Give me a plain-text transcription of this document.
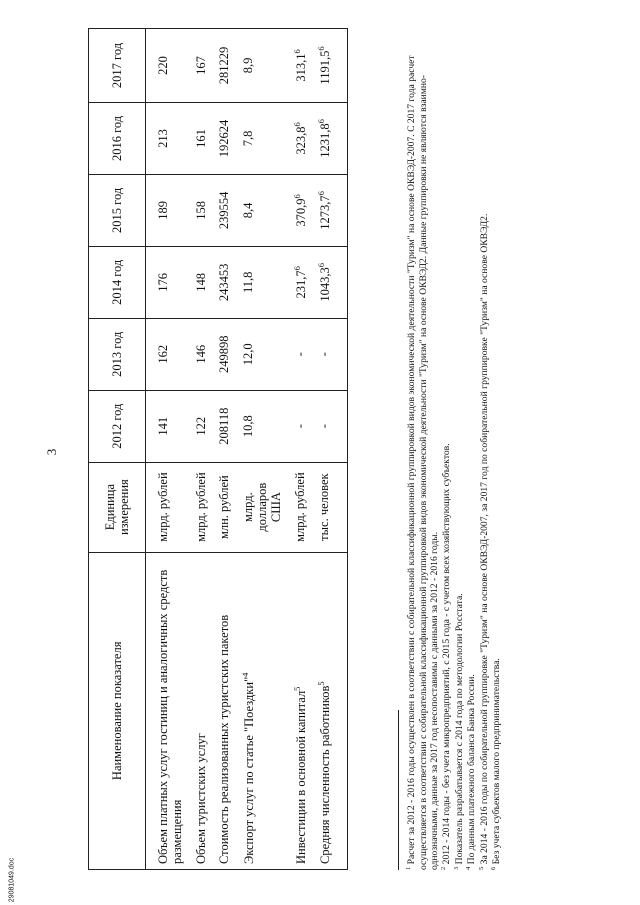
3
29081049.doc
Наименование показателя	Единица измерения	2012 год	2013 год	2014 год	2015 год	2016 год	2017 год
Объем платных услуг гостиниц и аналогичных средств размещения	млрд. рублей	141	162	176	189	213	220
Объем туристских услуг	млрд. рублей	122	146	148	158	161	167
Стоимость реализованных туристских пакетов	млн. рублей	208118	249898	243453	239554	192624	281229
Экспорт услуг по статье "Поездки"$^4$	млрд. долларов США	10,8	12,0	11,8	8,4	7,8	8,9
Инвестиции в основной капитал$^5$	млрд. рублей	-	-	231,7$^6$	370,9$^6$	323,8$^6$	313,1$^6$
Средняя численность работников$^5$	тыс. человек	-	-	1043,3$^6$	1273,7$^6$	1231,8$^6$	1191,5$^6$

$^1$ Расчет за 2012 - 2016 годы осуществлен в соответствии с собирательной классификационной группировкой видов экономической деятельности "Туризм" на основе ОКВЭД-2007. С 2017 года расчет осуществляется в соответствии с собирательной классификационной группировкой видов экономической деятельности "Туризм" на основе ОКВЭД2. Данные группировки не являются взаимно-однозначными, данные за 2017 год несопоставимы с данными за 2012 - 2016 годы. $^2$ 2012 - 2014 годы - без учета микропредприятий, с 2015 года - с учетом всех хозяйствующих субъектов.

$^3$ Показатель разрабатывается с 2014 года по методологии Росстата.

$^4$ По данным платежного баланса Банка России.

$^5$ За 2014 - 2016 годы по собирательной группировке "Туризм" на основе ОКВЭД-2007, за 2017 год по собирательной группировке "Туризм" на основе ОКВЭД2.

$^6$ Без учета субъектов малого предпринимательства.
